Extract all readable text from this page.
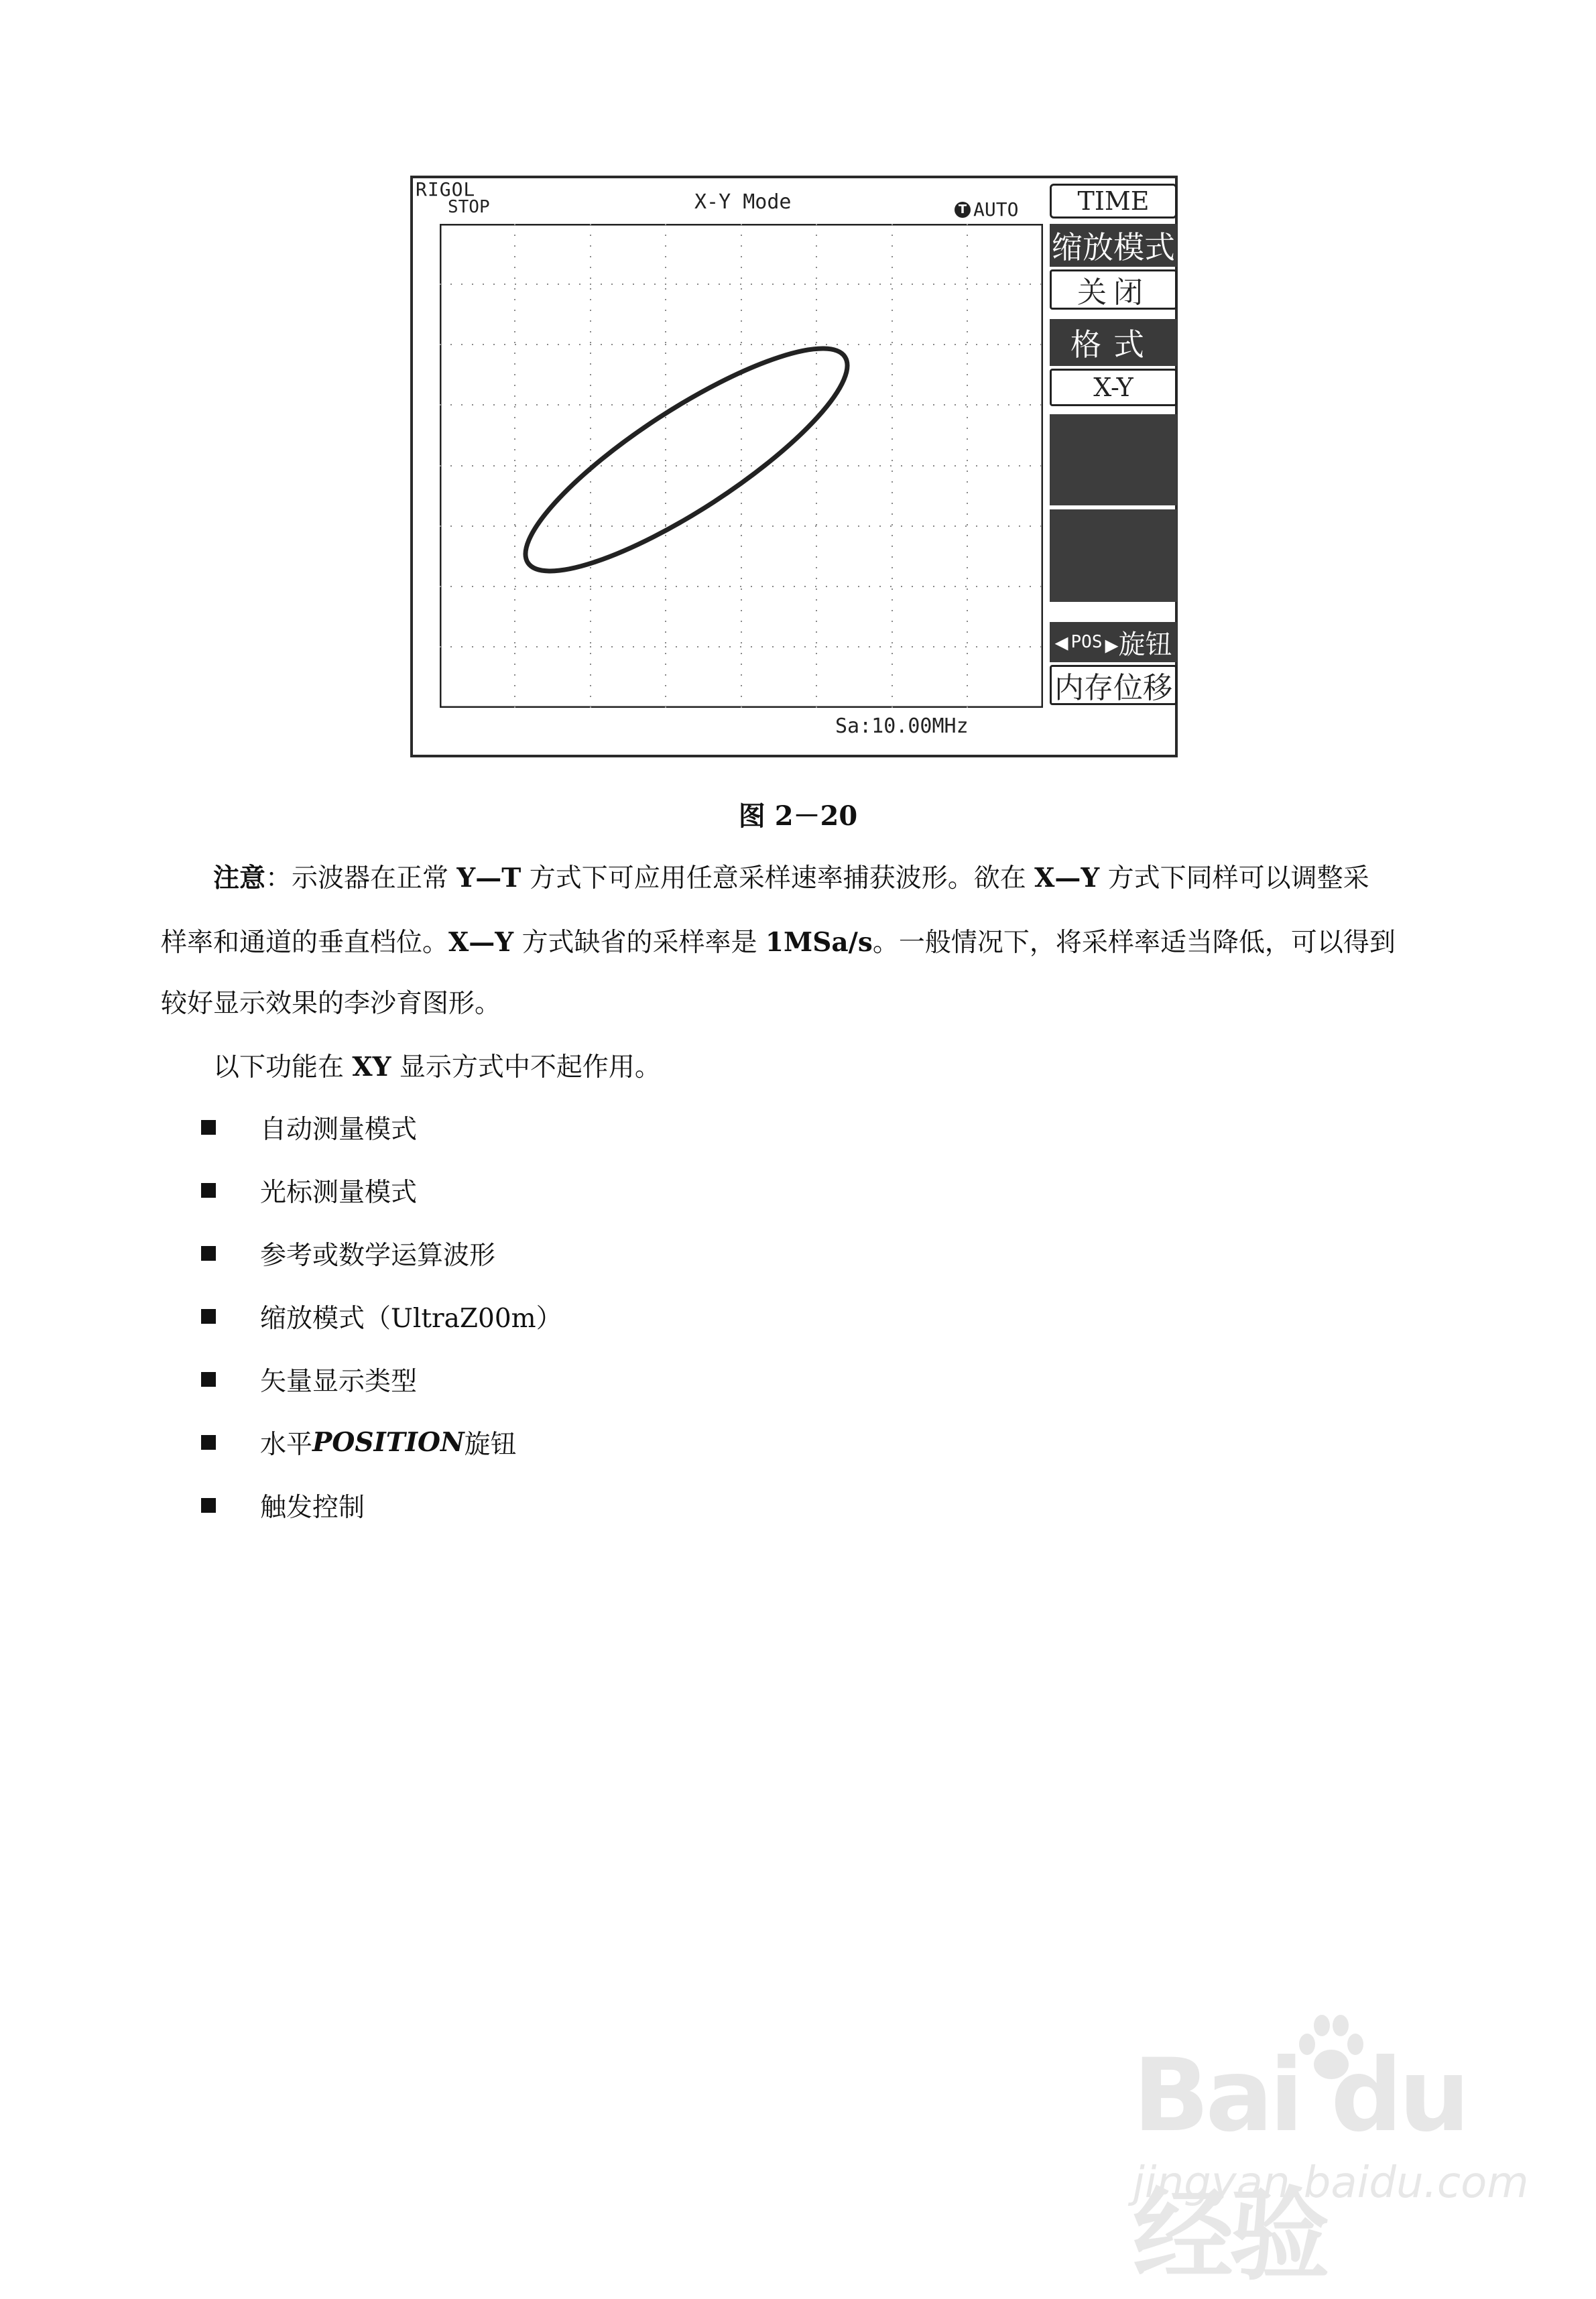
RIGOL
STOP	X-Y Mode	T AUTO
Sa:10.00MHz
TIME
缩放模式
关闭
格式
X-Y
◂ POS ▸旋钮
内存位移
图 2－20
注意：示波器在正常 Y—T 方式下可应用任意采样速率捕获波形。欲在 X—Y 方式下同样可以调整采
样率和通道的垂直档位。X—Y 方式缺省的采样率是 1MSa/s。一般情况下，将采样率适当降低，可以得到
较好显示效果的李沙育图形。
以下功能在 XY 显示方式中不起作用。
自动测量模式
光标测量模式
参考或数学运算波形
缩放模式（UltraZ00m）
矢量显示类型
水平 POSITION 旋钮
触发控制
Bai du 经验
jingyan.baidu.com
